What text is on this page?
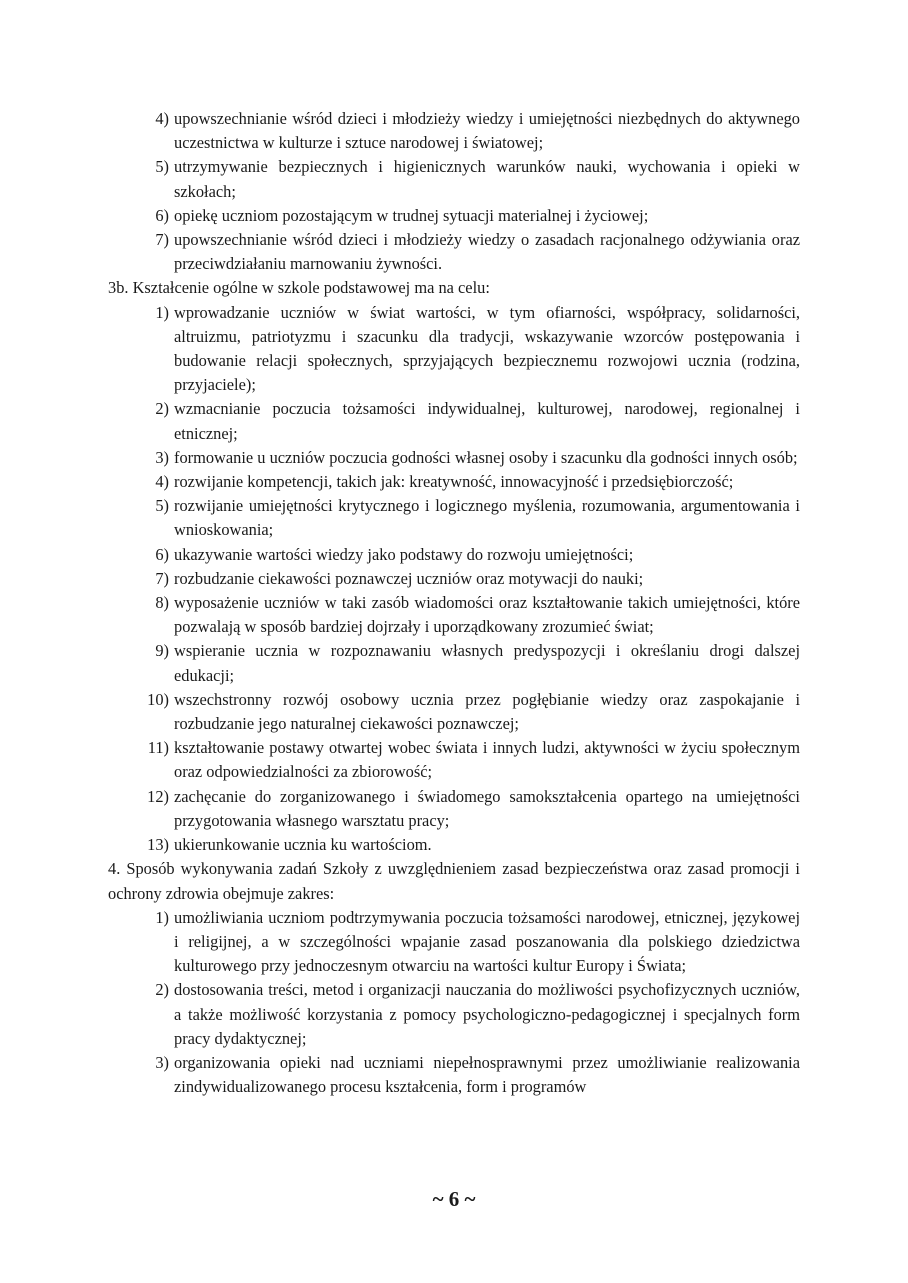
4) upowszechnianie wśród dzieci i młodzieży wiedzy i umiejętności niezbędnych do aktywnego uczestnictwa w kulturze i sztuce narodowej i światowej;
5) utrzymywanie bezpiecznych i higienicznych warunków nauki, wychowania i opieki w szkołach;
6) opiekę uczniom pozostającym w trudnej sytuacji materialnej i życiowej;
7) upowszechnianie wśród dzieci i młodzieży wiedzy o zasadach racjonalnego odżywiania oraz przeciwdziałaniu marnowaniu żywności.
3b. Kształcenie ogólne w szkole podstawowej ma na celu:
1) wprowadzanie uczniów w świat wartości, w tym ofiarności, współpracy, solidarności, altruizmu, patriotyzmu i szacunku dla tradycji, wskazywanie wzorców postępowania i budowanie relacji społecznych, sprzyjających bezpiecznemu rozwojowi ucznia (rodzina, przyjaciele);
2) wzmacnianie poczucia tożsamości indywidualnej, kulturowej, narodowej, regionalnej i etnicznej;
3) formowanie u uczniów poczucia godności własnej osoby i szacunku dla godności innych osób;
4) rozwijanie kompetencji, takich jak: kreatywność, innowacyjność i przedsiębiorczość;
5) rozwijanie umiejętności krytycznego i logicznego myślenia, rozumowania, argumentowania i wnioskowania;
6) ukazywanie wartości wiedzy jako podstawy do rozwoju umiejętności;
7) rozbudzanie ciekawości poznawczej uczniów oraz motywacji do nauki;
8) wyposażenie uczniów w taki zasób wiadomości oraz kształtowanie takich umiejętności, które pozwalają w sposób bardziej dojrzały i uporządkowany zrozumieć świat;
9) wspieranie ucznia w rozpoznawaniu własnych predyspozycji i określaniu drogi dalszej edukacji;
10) wszechstronny rozwój osobowy ucznia przez pogłębianie wiedzy oraz zaspokajanie i rozbudzanie jego naturalnej ciekawości poznawczej;
11) kształtowanie postawy otwartej wobec świata i innych ludzi, aktywności w życiu społecznym oraz odpowiedzialności za zbiorowość;
12) zachęcanie do zorganizowanego i świadomego samokształcenia opartego na umiejętności przygotowania własnego warsztatu pracy;
13) ukierunkowanie ucznia ku wartościom.
4. Sposób wykonywania zadań Szkoły z uwzględnieniem zasad bezpieczeństwa oraz zasad promocji i ochrony zdrowia obejmuje zakres:
1) umożliwiania uczniom podtrzymywania poczucia tożsamości narodowej, etnicznej, językowej i religijnej, a w szczególności wpajanie zasad poszanowania dla polskiego dziedzictwa kulturowego przy jednoczesnym otwarciu na wartości kultur Europy i Świata;
2) dostosowania treści, metod i organizacji nauczania do możliwości psychofizycznych uczniów, a także możliwość korzystania z pomocy psychologiczno-pedagogicznej i specjalnych form pracy dydaktycznej;
3) organizowania opieki nad uczniami niepełnosprawnymi przez umożliwianie realizowania zindywidualizowanego procesu kształcenia, form i programów
~ 6 ~
